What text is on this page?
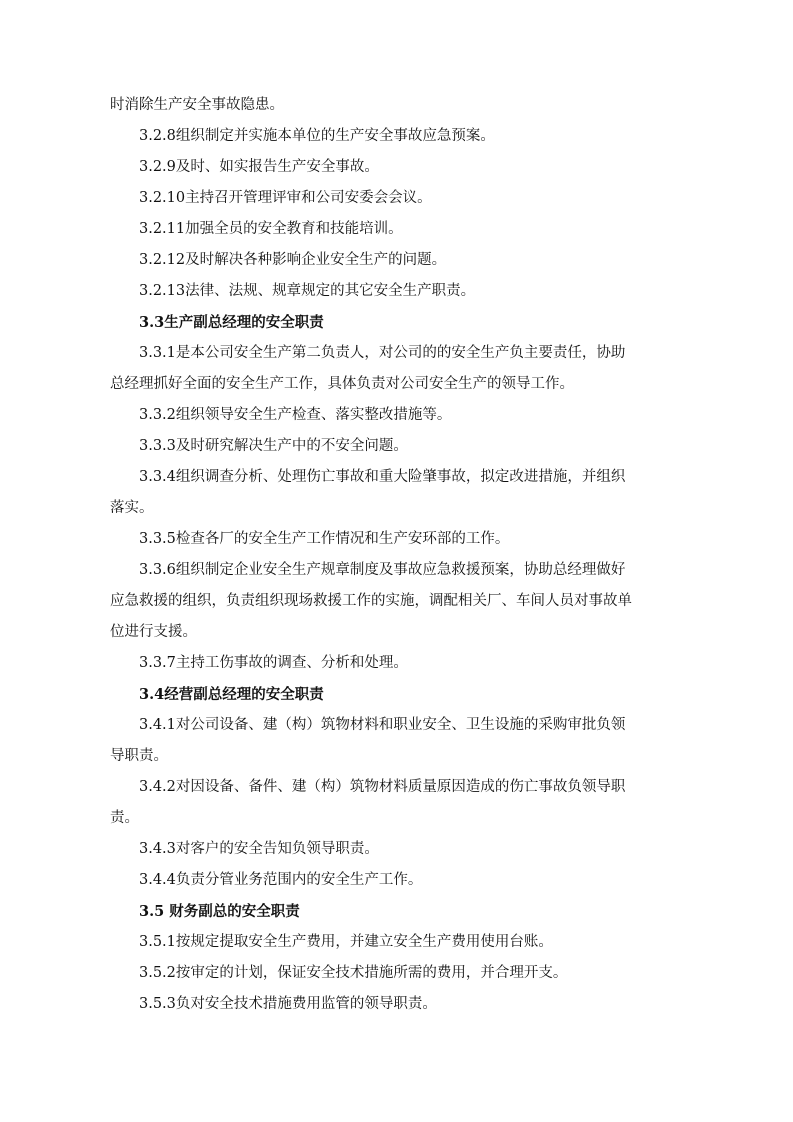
时消除生产安全事故隐患。
3.2.8组织制定并实施本单位的生产安全事故应急预案。
3.2.9及时、如实报告生产安全事故。
3.2.10主持召开管理评审和公司安委会会议。
3.2.11加强全员的安全教育和技能培训。
3.2.12及时解决各种影响企业安全生产的问题。
3.2.13法律、法规、规章规定的其它安全生产职责。
3.3生产副总经理的安全职责
3.3.1是本公司安全生产第二负责人，对公司的的安全生产负主要责任，协助
总经理抓好全面的安全生产工作，具体负责对公司安全生产的领导工作。
3.3.2组织领导安全生产检查、落实整改措施等。
3.3.3及时研究解决生产中的不安全问题。
3.3.4组织调查分析、处理伤亡事故和重大险肇事故，拟定改进措施，并组织
落实。
3.3.5检查各厂的安全生产工作情况和生产安环部的工作。
3.3.6组织制定企业安全生产规章制度及事故应急救援预案，协助总经理做好
应急救援的组织，负责组织现场救援工作的实施，调配相关厂、车间人员对事故单
位进行支援。
3.3.7主持工伤事故的调查、分析和处理。
3.4经营副总经理的安全职责
3.4.1对公司设备、建（构）筑物材料和职业安全、卫生设施的采购审批负领
导职责。
3.4.2对因设备、备件、建（构）筑物材料质量原因造成的伤亡事故负领导职
责。
3.4.3对客户的安全告知负领导职责。
3.4.4负责分管业务范围内的安全生产工作。
3.5 财务副总的安全职责
3.5.1按规定提取安全生产费用，并建立安全生产费用使用台账。
3.5.2按审定的计划，保证安全技术措施所需的费用，并合理开支。
3.5.3负对安全技术措施费用监管的领导职责。
